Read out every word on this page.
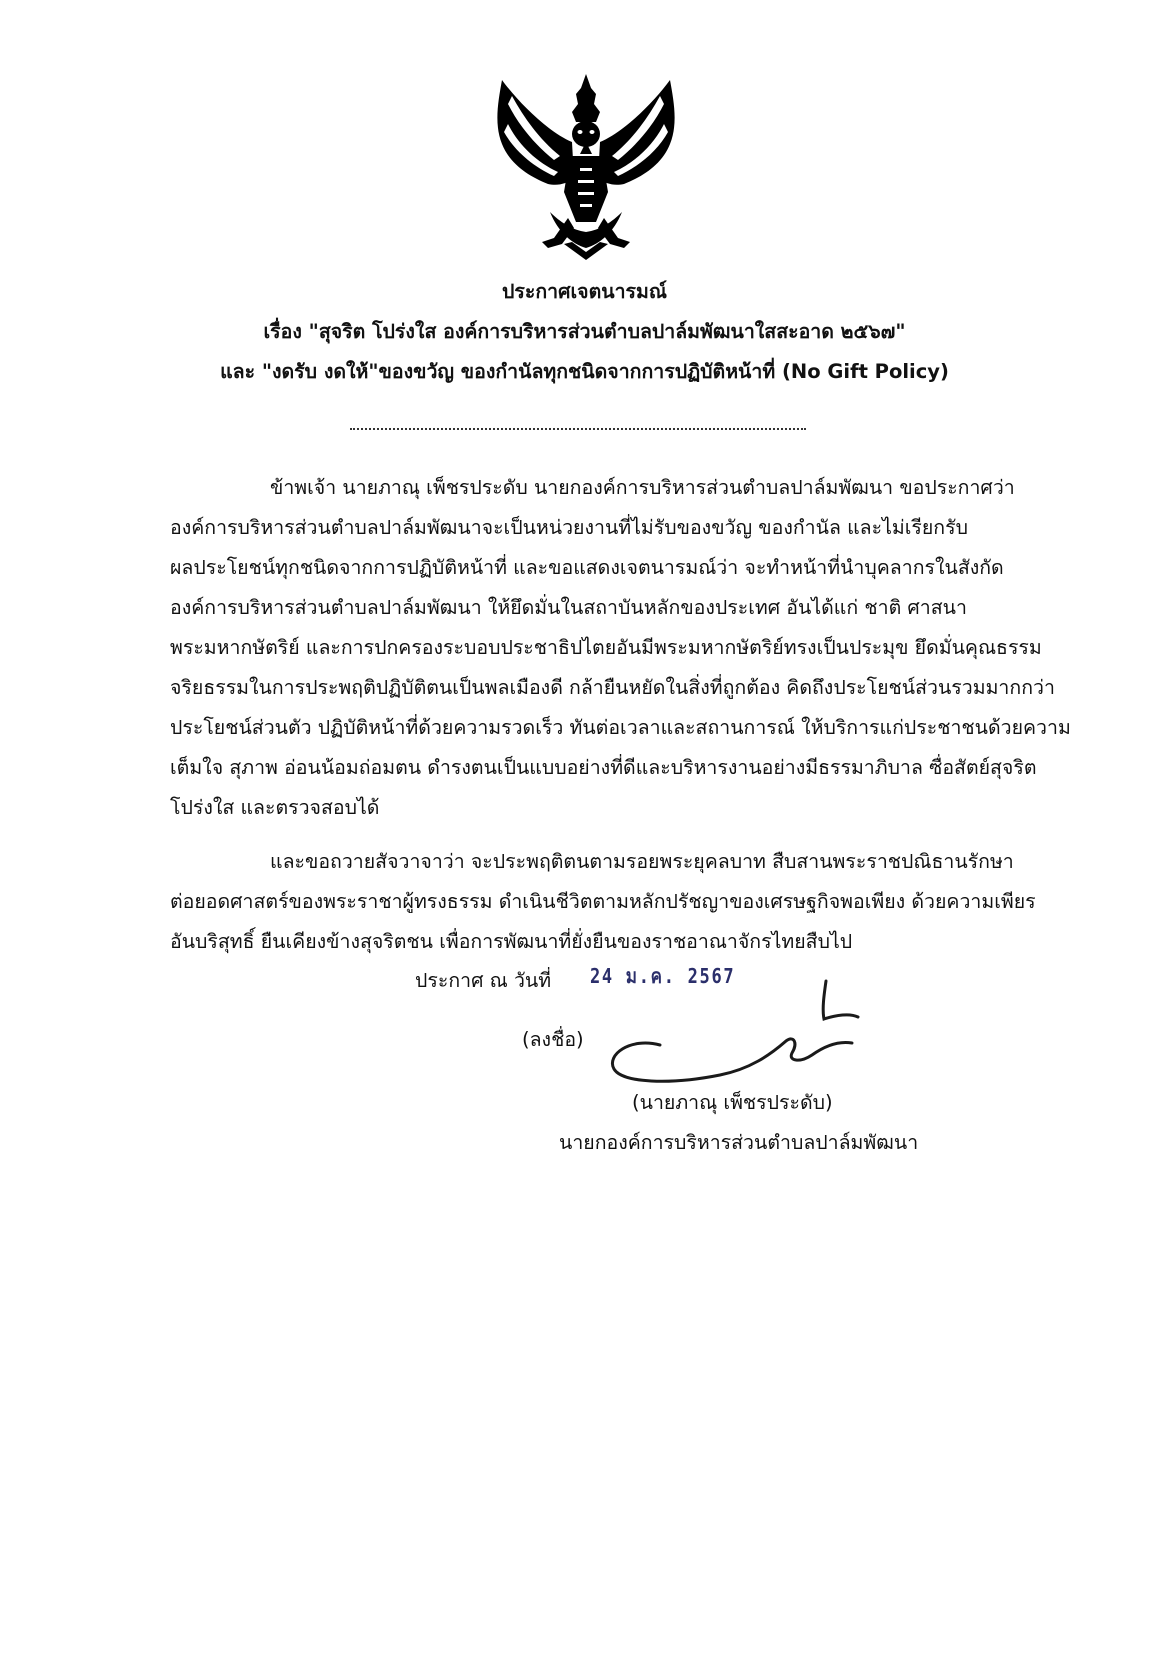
ประกาศเจตนารมณ์
เรื่อง "สุจริต โปร่งใส องค์การบริหารส่วนตำบลปาล์มพัฒนาใสสะอาด ๒๕๖๗"
และ "งดรับ งดให้"ของขวัญ ของกำนัลทุกชนิดจากการปฏิบัติหน้าที่ (No Gift Policy)
ข้าพเจ้า นายภาณุ เพ็ชรประดับ นายกองค์การบริหารส่วนตำบลปาล์มพัฒนา ขอประกาศว่า
องค์การบริหารส่วนตำบลปาล์มพัฒนาจะเป็นหน่วยงานที่ไม่รับของขวัญ ของกำนัล และไม่เรียกรับ
ผลประโยชน์ทุกชนิดจากการปฏิบัติหน้าที่ และขอแสดงเจตนารมณ์ว่า จะทำหน้าที่นำบุคลากรในสังกัด
องค์การบริหารส่วนตำบลปาล์มพัฒนา ให้ยึดมั่นในสถาบันหลักของประเทศ อันได้แก่ ชาติ ศาสนา
พระมหากษัตริย์ และการปกครองระบอบประชาธิปไตยอันมีพระมหากษัตริย์ทรงเป็นประมุข ยึดมั่นคุณธรรม
จริยธรรมในการประพฤติปฏิบัติตนเป็นพลเมืองดี กล้ายืนหยัดในสิ่งที่ถูกต้อง คิดถึงประโยชน์ส่วนรวมมากกว่า
ประโยชน์ส่วนตัว ปฏิบัติหน้าที่ด้วยความรวดเร็ว ทันต่อเวลาและสถานการณ์ ให้บริการแก่ประชาชนด้วยความ
เต็มใจ สุภาพ อ่อนน้อมถ่อมตน ดำรงตนเป็นแบบอย่างที่ดีและบริหารงานอย่างมีธรรมาภิบาล ซื่อสัตย์สุจริต
โปร่งใส และตรวจสอบได้
และขอถวายสัจวาจาว่า จะประพฤติตนตามรอยพระยุคลบาท สืบสานพระราชปณิธานรักษา
ต่อยอดศาสตร์ของพระราชาผู้ทรงธรรม ดำเนินชีวิตตามหลักปรัชญาของเศรษฐกิจพอเพียง ด้วยความเพียร
อันบริสุทธิ์ ยืนเคียงข้างสุจริตชน เพื่อการพัฒนาที่ยั่งยืนของราชอาณาจักรไทยสืบไป
ประกาศ ณ วันที่ 24 ม.ค. 2567
(ลงชื่อ)
(นายภาณุ เพ็ชรประดับ)
นายกองค์การบริหารส่วนตำบลปาล์มพัฒนา
